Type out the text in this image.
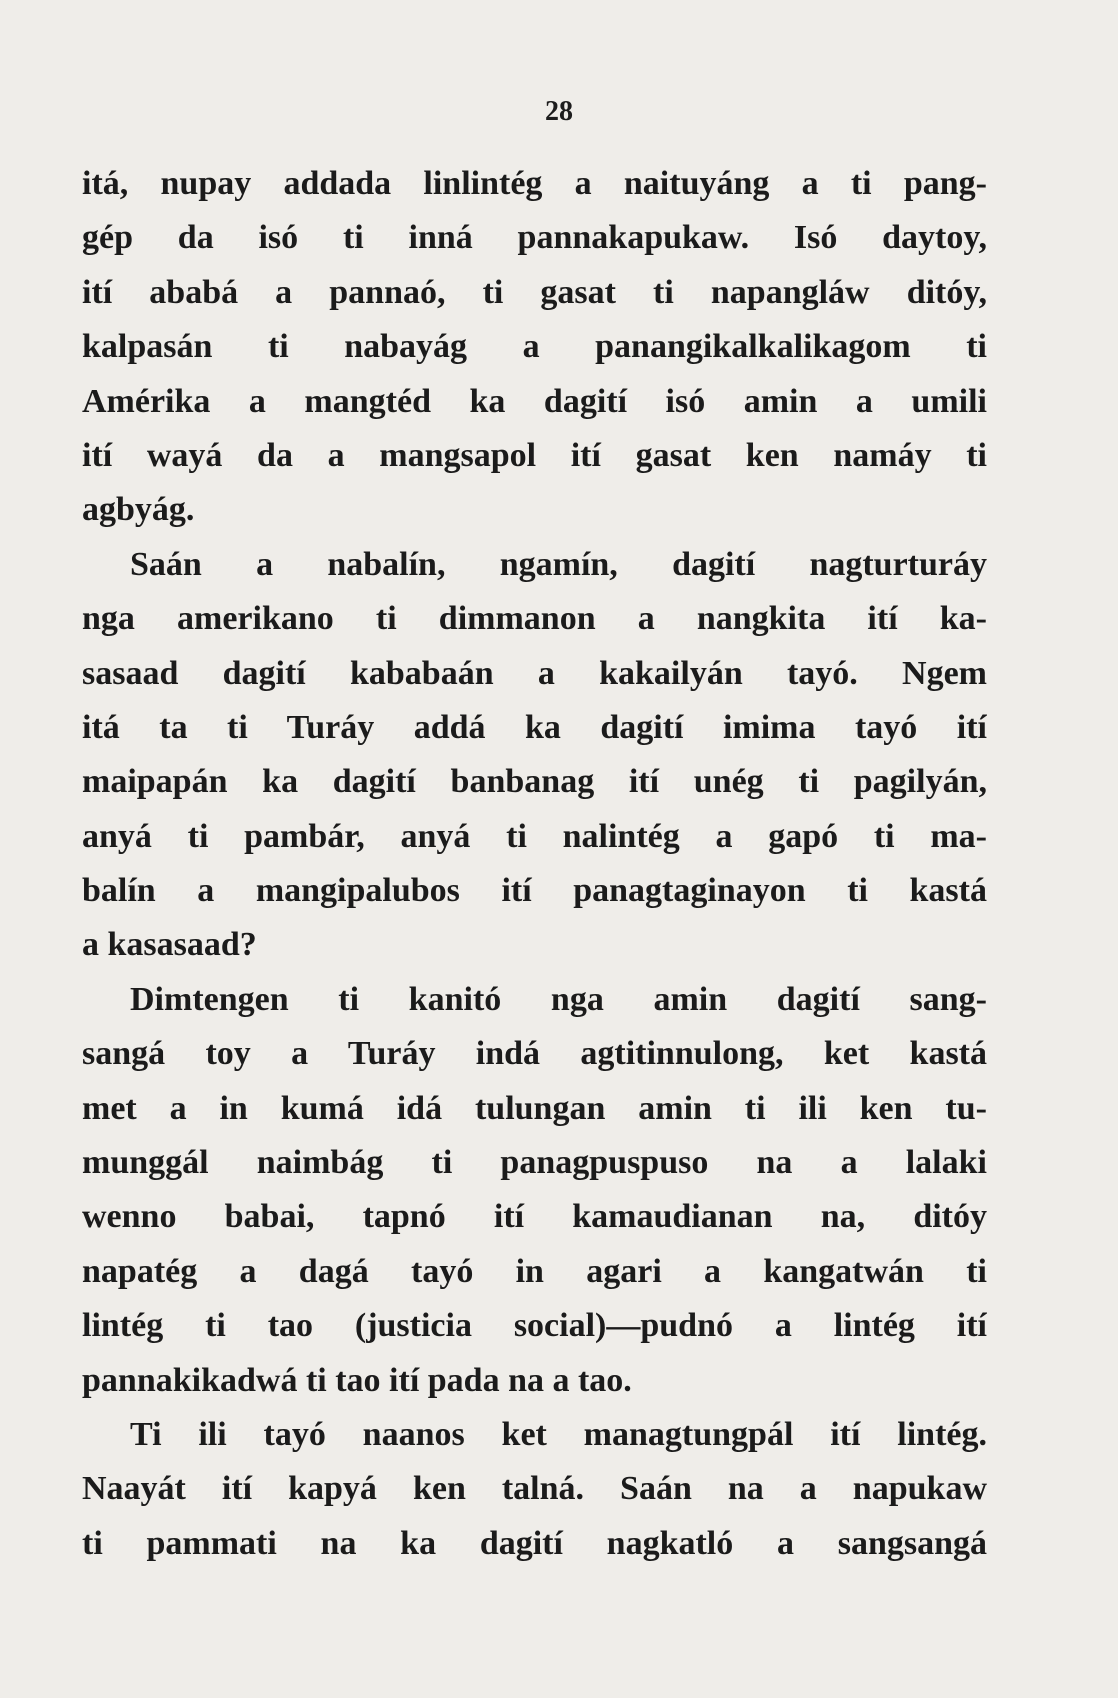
28
itá, nupay addada linlintég a naituyáng a ti pang-
gép da isó ti inná pannakapukaw. Isó daytoy,
ití ababá a pannaó, ti gasat ti napangláw ditóy,
kalpasán ti nabayág a panangikalkalikagom ti
Amérika a mangtéd ka dagití isó amin a umili
ití wayá da a mangsapol ití gasat ken namáy ti
agbyág.
Saán a nabalín, ngamín, dagití nagturturáy
nga amerikano ti dimmanon a nangkita ití ka-
sasaad dagití kababaán a kakailyán tayó. Ngem
itá ta ti Turáy addá ka dagití imima tayó ití
maipapán ka dagití banbanag ití unég ti pagilyán,
anyá ti pambár, anyá ti nalintég a gapó ti ma-
balín a mangipalubos ití panagtaginayon ti kastá
a kasasaad?
Dimtengen ti kanitó nga amin dagití sang-
sangá toy a Turáy indá agtitinnulong, ket kastá
met a in kumá idá tulungan amin ti ili ken tu-
munggál naimbág ti panagpuspuso na a lalaki
wenno babai, tapnó ití kamaudianan na, ditóy
napatég a dagá tayó in agari a kangatwán ti
lintég ti tao (justicia social)—pudnó a lintég ití
pannakikadwá ti tao ití pada na a tao.
Ti ili tayó naanos ket managtungpál ití lintég.
Naayát ití kapyá ken talná. Saán na a napukaw
ti pammati na ka dagití nagkatló a sangsangá
